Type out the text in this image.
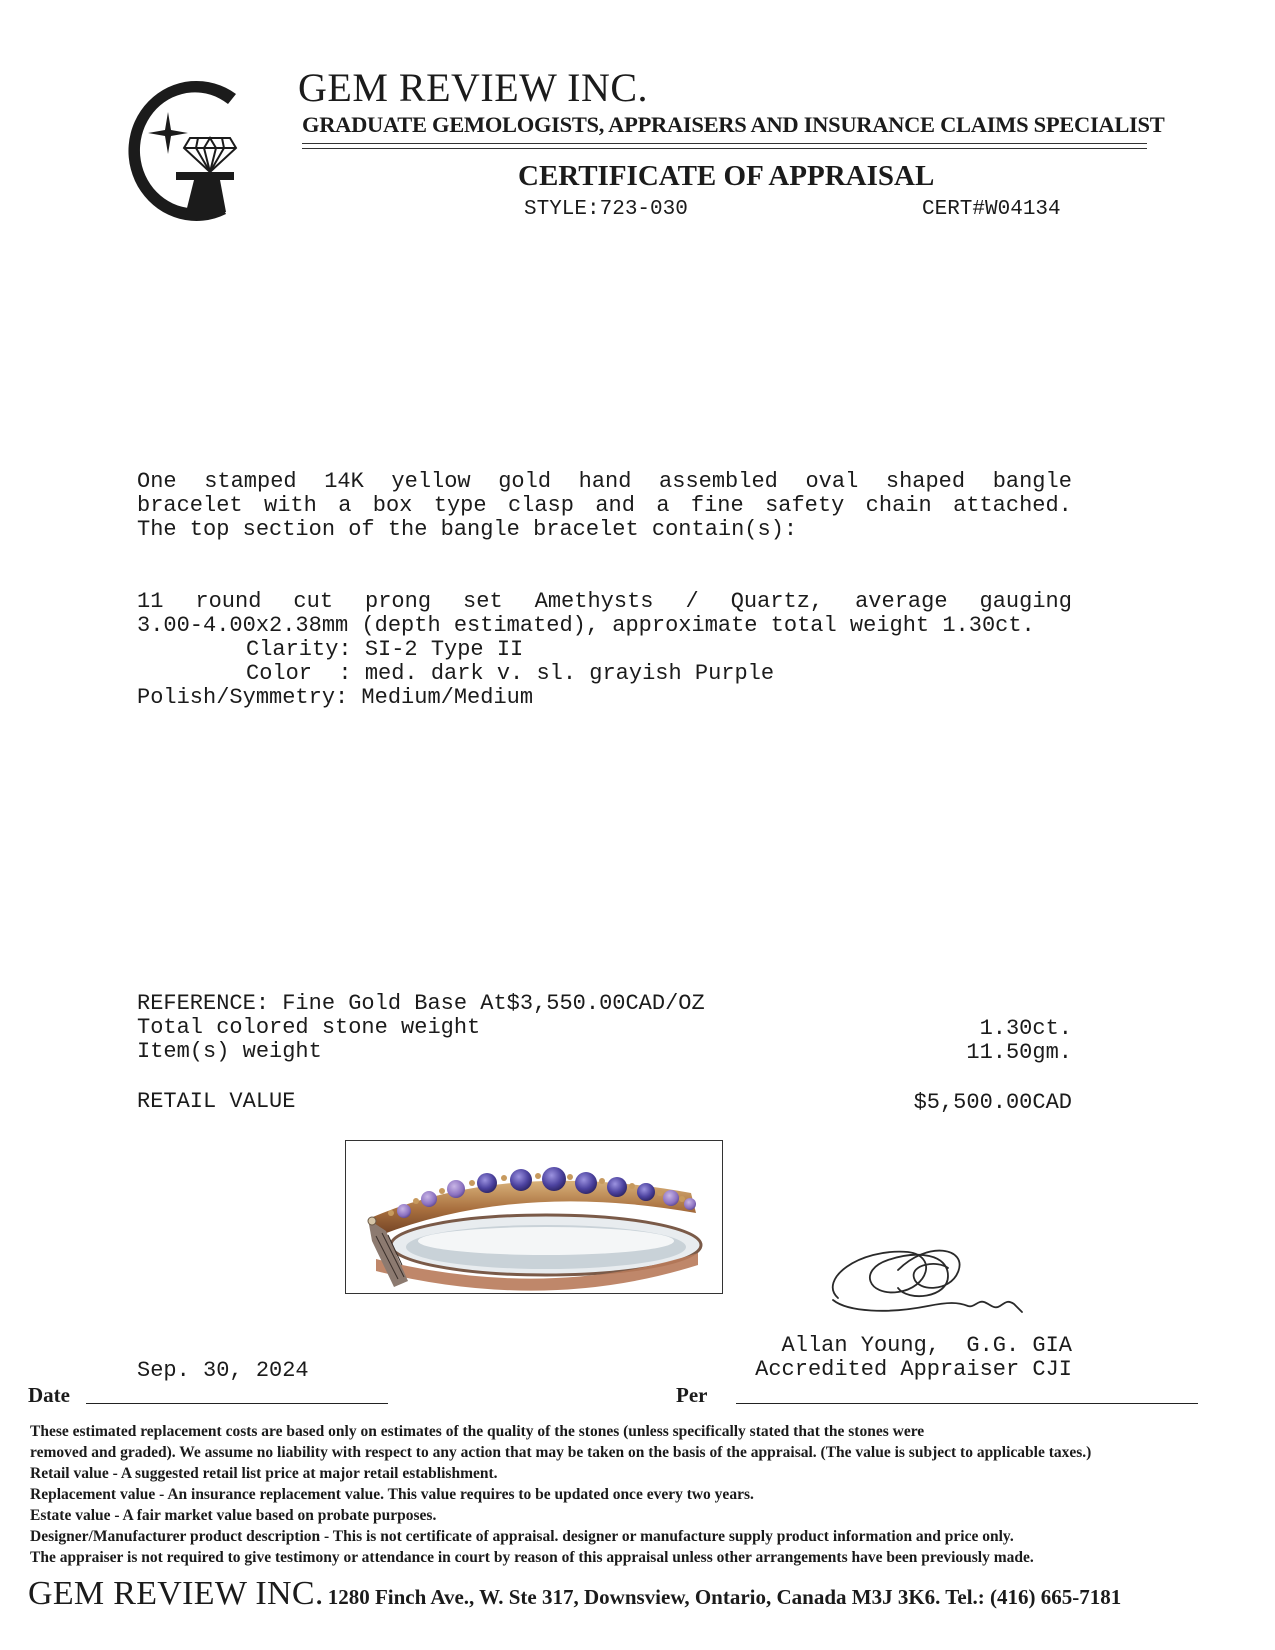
GEM REVIEW INC.
GRADUATE GEMOLOGISTS, APPRAISERS AND INSURANCE CLAIMS SPECIALIST
CERTIFICATE OF APPRAISAL
STYLE:723-030	CERT#W04134
One stamped 14K yellow gold hand assembled oval shaped bangle
bracelet with a box type clasp and a fine safety chain attached.
The top section of the bangle bracelet contain(s):
11 round cut prong set Amethysts / Quartz, average gauging
3.00-4.00x2.38mm (depth estimated), approximate total weight 1.30ct.
Clarity: SI-2 Type II
Color  : med. dark v. sl. grayish Purple
Polish/Symmetry: Medium/Medium
REFERENCE: Fine Gold Base At$3,550.00CAD/OZ
Total colored stone weight	1.30ct.
Item(s) weight	11.50gm.
RETAIL VALUE	$5,500.00CAD
Sep. 30, 2024
Allan Young,  G.G. GIA
Accredited Appraiser CJI
Date	Per
These estimated replacement costs are based only on estimates of the quality of the stones (unless specifically stated that the stones were
removed and graded). We assume no liability with respect to any action that may be taken on the basis of the appraisal. (The value is subject to applicable taxes.)
Retail value - A suggested retail list price at major retail establishment.
Replacement value - An insurance replacement value. This value requires to be updated once every two years.
Estate value - A fair market value based on probate purposes.
Designer/Manufacturer product description - This is not certificate of appraisal. designer or manufacture supply product information and price only.
The appraiser is not required to give testimony or attendance in court by reason of this appraisal unless other arrangements have been previously made.
GEM REVIEW INC. 1280 Finch Ave., W. Ste 317, Downsview, Ontario, Canada M3J 3K6. Tel.: (416) 665-7181
